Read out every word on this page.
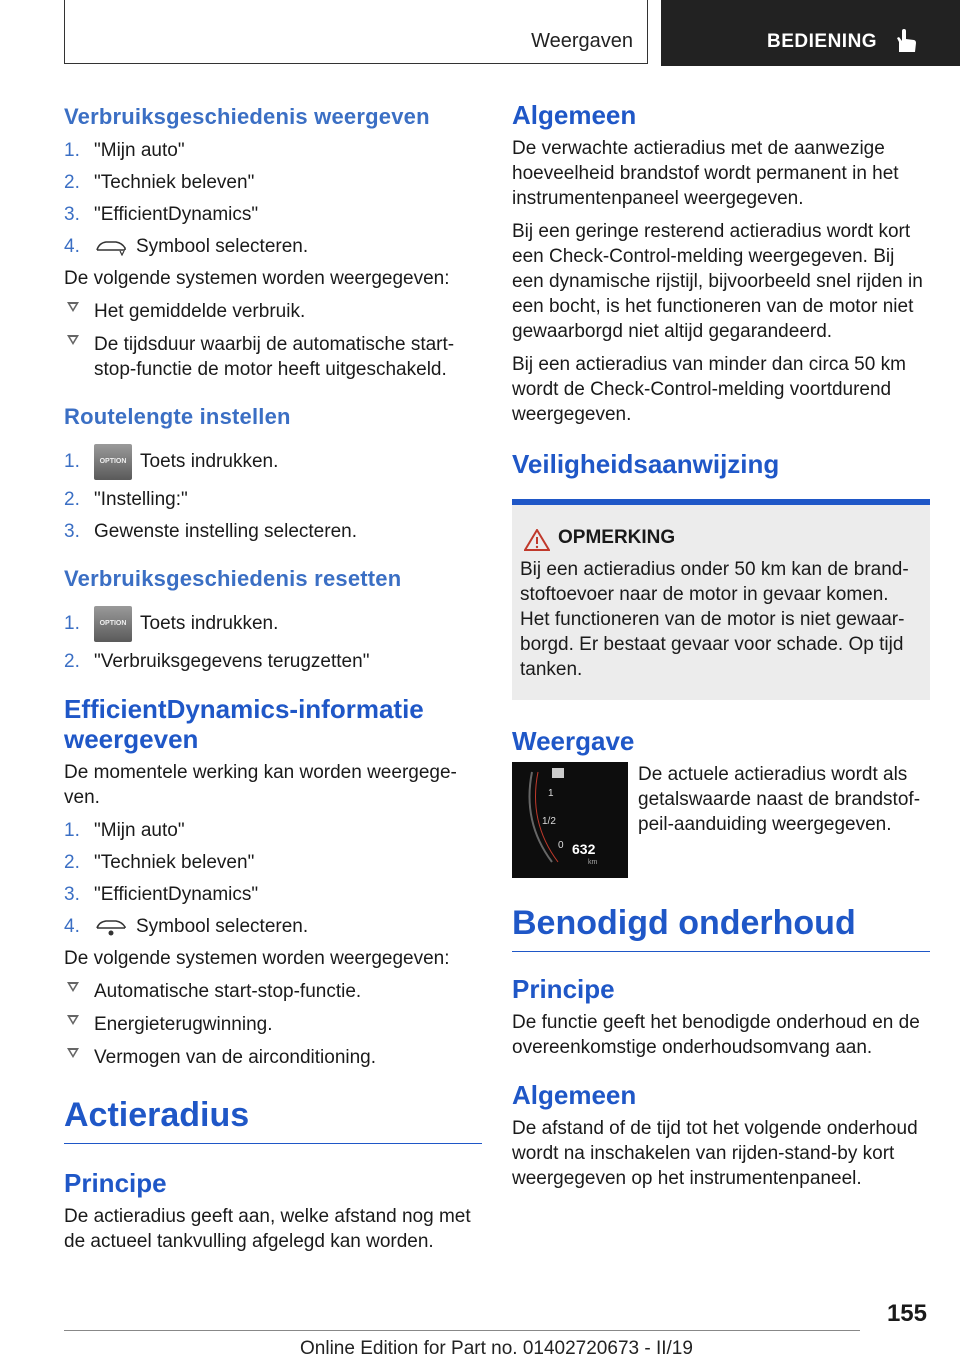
Weergaven	BEDIENING
Verbruiksgeschiedenis weergeven
1. "Mijn auto"
2. "Techniek beleven"
3. "EfficientDynamics"
4.	Symbool selecteren.

De volgende systemen worden weergegeven:

Het gemiddelde verbruik.
De tijdsduur waarbij de automatische start-stop-functie de motor heeft uitgeschakeld.
Routelengte instellen
1.	OPTION Toets indrukken.
2. "Instelling:"
3. Gewenste instelling selecteren.
Verbruiksgeschiedenis resetten
1.	OPTION Toets indrukken.
2. "Verbruiksgegevens terugzetten"
EfficientDynamics-informatie weergeven

De momentele werking kan worden weergegeven.

1. "Mijn auto"
2. "Techniek beleven"
3. "EfficientDynamics"
4.	Symbool selecteren.

De volgende systemen worden weergegeven:

Automatische start-stop-functie.
Energieterugwinning.
Vermogen van de airconditioning.
Actieradius
Principe

De actieradius geeft aan, welke afstand nog met de actueel tankvulling afgelegd kan worden.

Algemeen

De verwachte actieradius met de aanwezige hoeveelheid brandstof wordt permanent in het instrumentenpaneel weergegeven.

Bij een geringe resterend actieradius wordt kort een Check-Control-melding weergegeven. Bij een dynamische rijstijl, bijvoorbeeld snel rijden in een bocht, is het functioneren van de motor niet gewaarborgd niet altijd gegarandeerd.

Bij een actieradius van minder dan circa 50 km wordt de Check-Control-melding voortdurend weergegeven.

Veiligheidsaanwijzing
OPMERKING

Bij een actieradius onder 50 km kan de brandstoftoevoer naar de motor in gevaar komen. Het functioneren van de motor is niet gewaarborgd. Er bestaat gevaar voor schade. Op tijd tanken.

Weergave
1
1/2
0 632
km

De actuele actieradius wordt als getalswaarde naast de brandstofpeil-aanduiding weergegeven.

Benodigd onderhoud
Principe

De functie geeft het benodigde onderhoud en de overeenkomstige onderhoudsomvang aan.

Algemeen

De afstand of de tijd tot het volgende onderhoud wordt na inschakelen van rijden-stand-by kort weergegeven op het instrumentenpaneel.

155
Online Edition for Part no. 01402720673 - II/19
